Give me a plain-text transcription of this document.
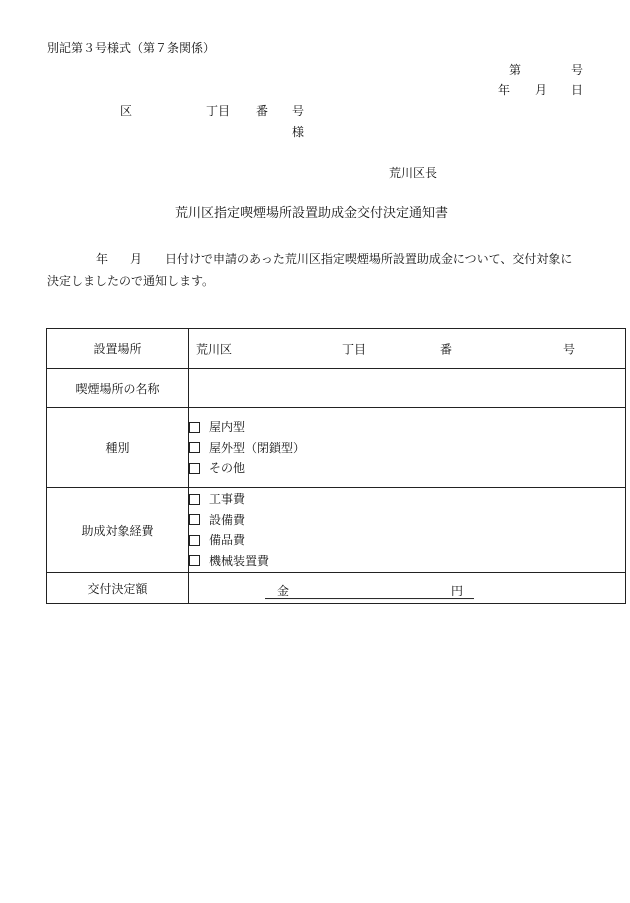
別記第３号様式（第７条関係）
第	号
年 月 日
区	丁目 番 号
様
荒川区長
荒川区指定喫煙場所設置助成金交付決定通知書
年 月 日付けで申請のあった荒川区指定喫煙場所設置助成金について、交付対象に
決定しましたので通知します。
設置場所	荒川区 丁目 番 号

喫煙場所の名称	
種別	屋内型
屋外型（閉鎖型）
その他

助成対象経費	工事費
設備費
備品費
機械装置費

交付決定額	金 円
